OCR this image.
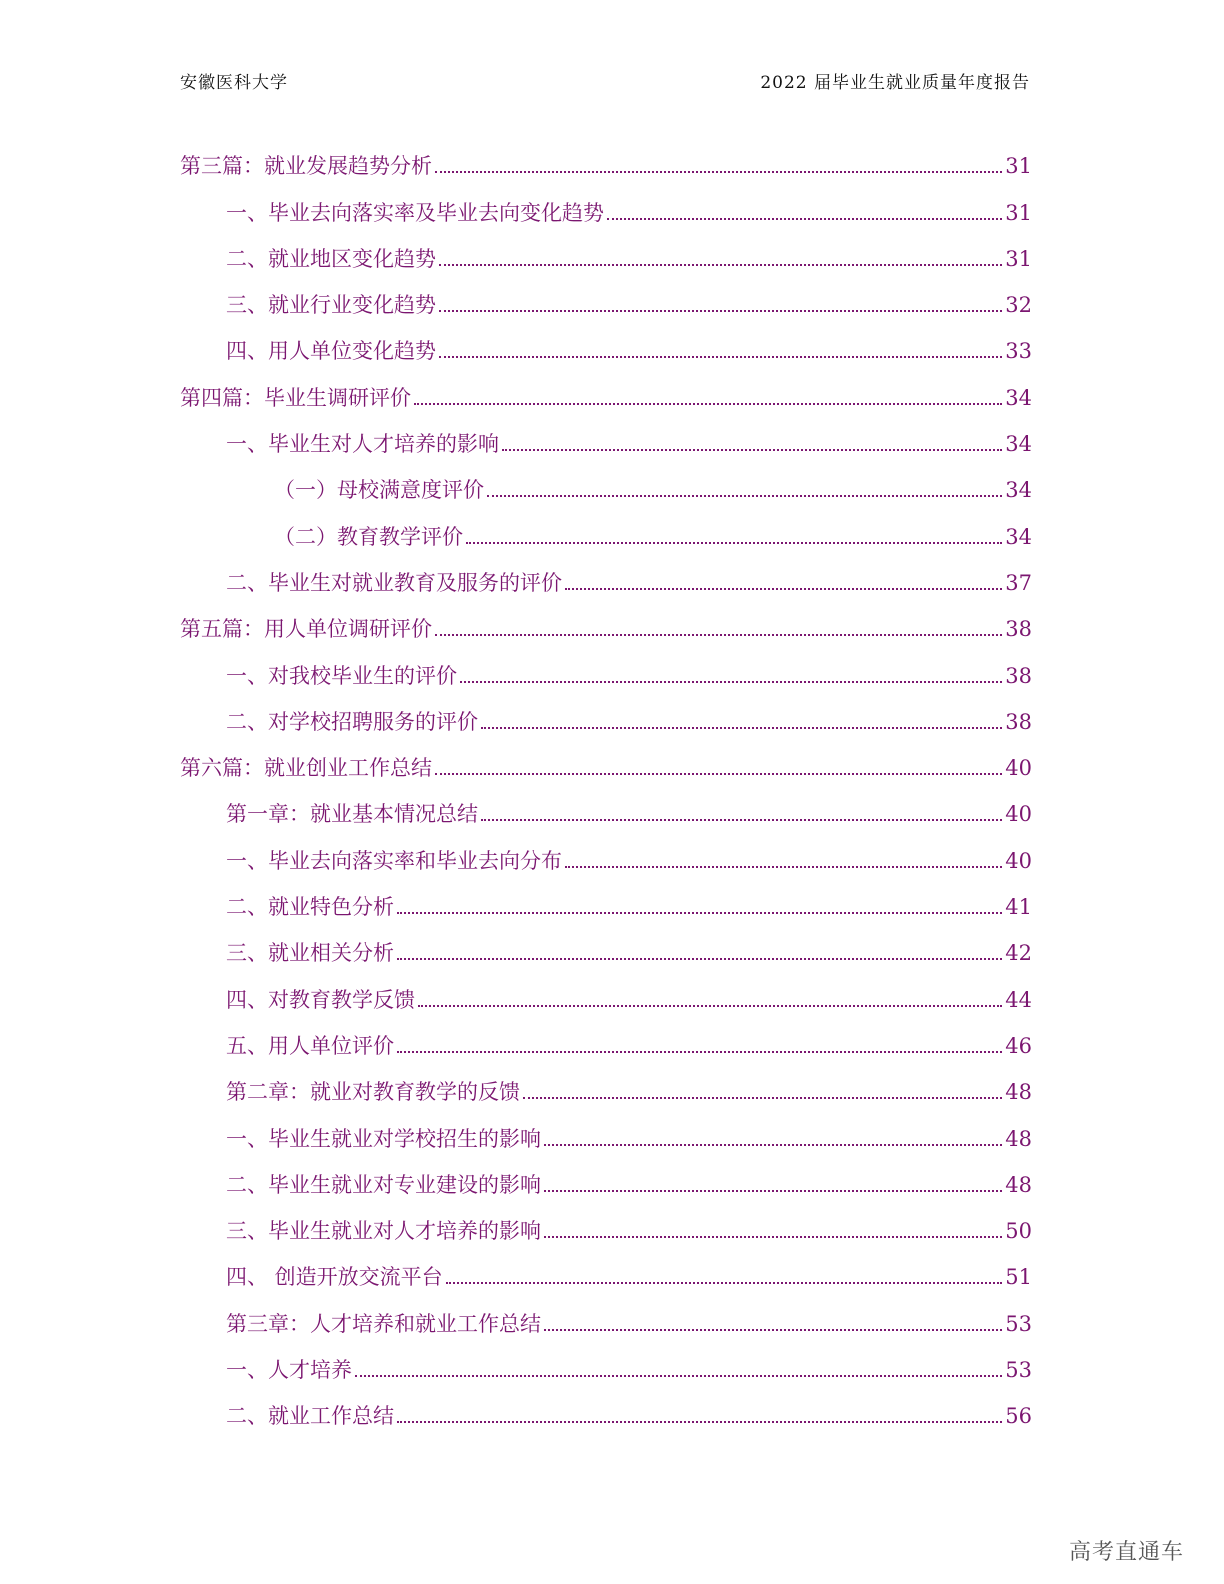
安徽医科大学	2022 届毕业生就业质量年度报告
第三篇：就业发展趋势分析	31
一、毕业去向落实率及毕业去向变化趋势	31
二、就业地区变化趋势	31
三、就业行业变化趋势	32
四、用人单位变化趋势	33
第四篇：毕业生调研评价	34
一、毕业生对人才培养的影响	34
（一）母校满意度评价	34
（二）教育教学评价	34
二、毕业生对就业教育及服务的评价	37
第五篇：用人单位调研评价	38
一、对我校毕业生的评价	38
二、对学校招聘服务的评价	38
第六篇：就业创业工作总结	40
第一章：就业基本情况总结	40
一、毕业去向落实率和毕业去向分布	40
二、就业特色分析	41
三、就业相关分析	42
四、对教育教学反馈	44
五、用人单位评价	46
第二章：就业对教育教学的反馈	48
一、毕业生就业对学校招生的影响	48
二、毕业生就业对专业建设的影响	48
三、毕业生就业对人才培养的影响	50
四、 创造开放交流平台	51
第三章：人才培养和就业工作总结	53
一、人才培养	53
二、就业工作总结	56
高考直通车
